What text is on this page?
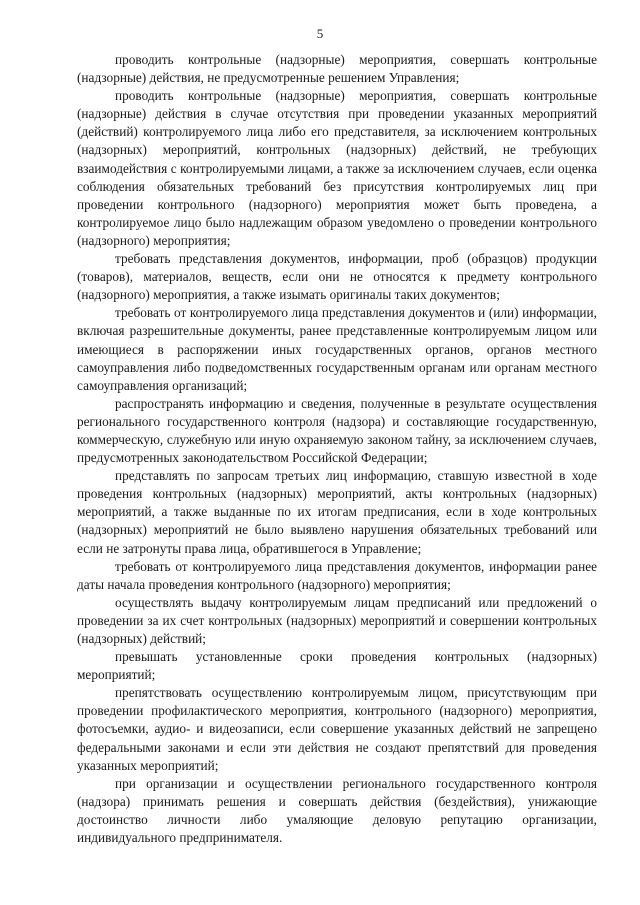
5

проводить контрольные (надзорные) мероприятия, совершать контрольные (надзорные) действия, не предусмотренные решением Управления;

проводить контрольные (надзорные) мероприятия, совершать контрольные (надзорные) действия в случае отсутствия при проведении указанных мероприятий (действий) контролируемого лица либо его представителя, за исключением контрольных (надзорных) мероприятий, контрольных (надзорных) действий, не требующих взаимодействия с контролируемыми лицами, а также за исключением случаев, если оценка соблюдения обязательных требований без присутствия контролируемых лиц при проведении контрольного (надзорного) мероприятия может быть проведена, а контролируемое лицо было надлежащим образом уведомлено о проведении контрольного (надзорного) мероприятия;

требовать представления документов, информации, проб (образцов) продукции (товаров), материалов, веществ, если они не относятся к предмету контрольного (надзорного) мероприятия, а также изымать оригиналы таких документов;

требовать от контролируемого лица представления документов и (или) информации, включая разрешительные документы, ранее представленные контролируемым лицом или имеющиеся в распоряжении иных государственных органов, органов местного самоуправления либо подведомственных государственным органам или органам местного самоуправления организаций;

распространять информацию и сведения, полученные в результате осуществления регионального государственного контроля (надзора) и составляющие государственную, коммерческую, служебную или иную охраняемую законом тайну, за исключением случаев, предусмотренных законодательством Российской Федерации;

представлять по запросам третьих лиц информацию, ставшую известной в ходе проведения контрольных (надзорных) мероприятий, акты контрольных (надзорных) мероприятий, а также выданные по их итогам предписания, если в ходе контрольных (надзорных) мероприятий не было выявлено нарушения обязательных требований или если не затронуты права лица, обратившегося в Управление;

требовать от контролируемого лица представления документов, информации ранее даты начала проведения контрольного (надзорного) мероприятия;

осуществлять выдачу контролируемым лицам предписаний или предложений о проведении за их счет контрольных (надзорных) мероприятий и совершении контрольных (надзорных) действий;

превышать установленные сроки проведения контрольных (надзорных) мероприятий;

препятствовать осуществлению контролируемым лицом, присутствующим при проведении профилактического мероприятия, контрольного (надзорного) мероприятия, фотосъемки, аудио- и видеозаписи, если совершение указанных действий не запрещено федеральными законами и если эти действия не создают препятствий для проведения указанных мероприятий;

при организации и осуществлении регионального государственного контроля (надзора) принимать решения и совершать действия (бездействия), унижающие достоинство личности либо умаляющие деловую репутацию организации, индивидуального предпринимателя.
